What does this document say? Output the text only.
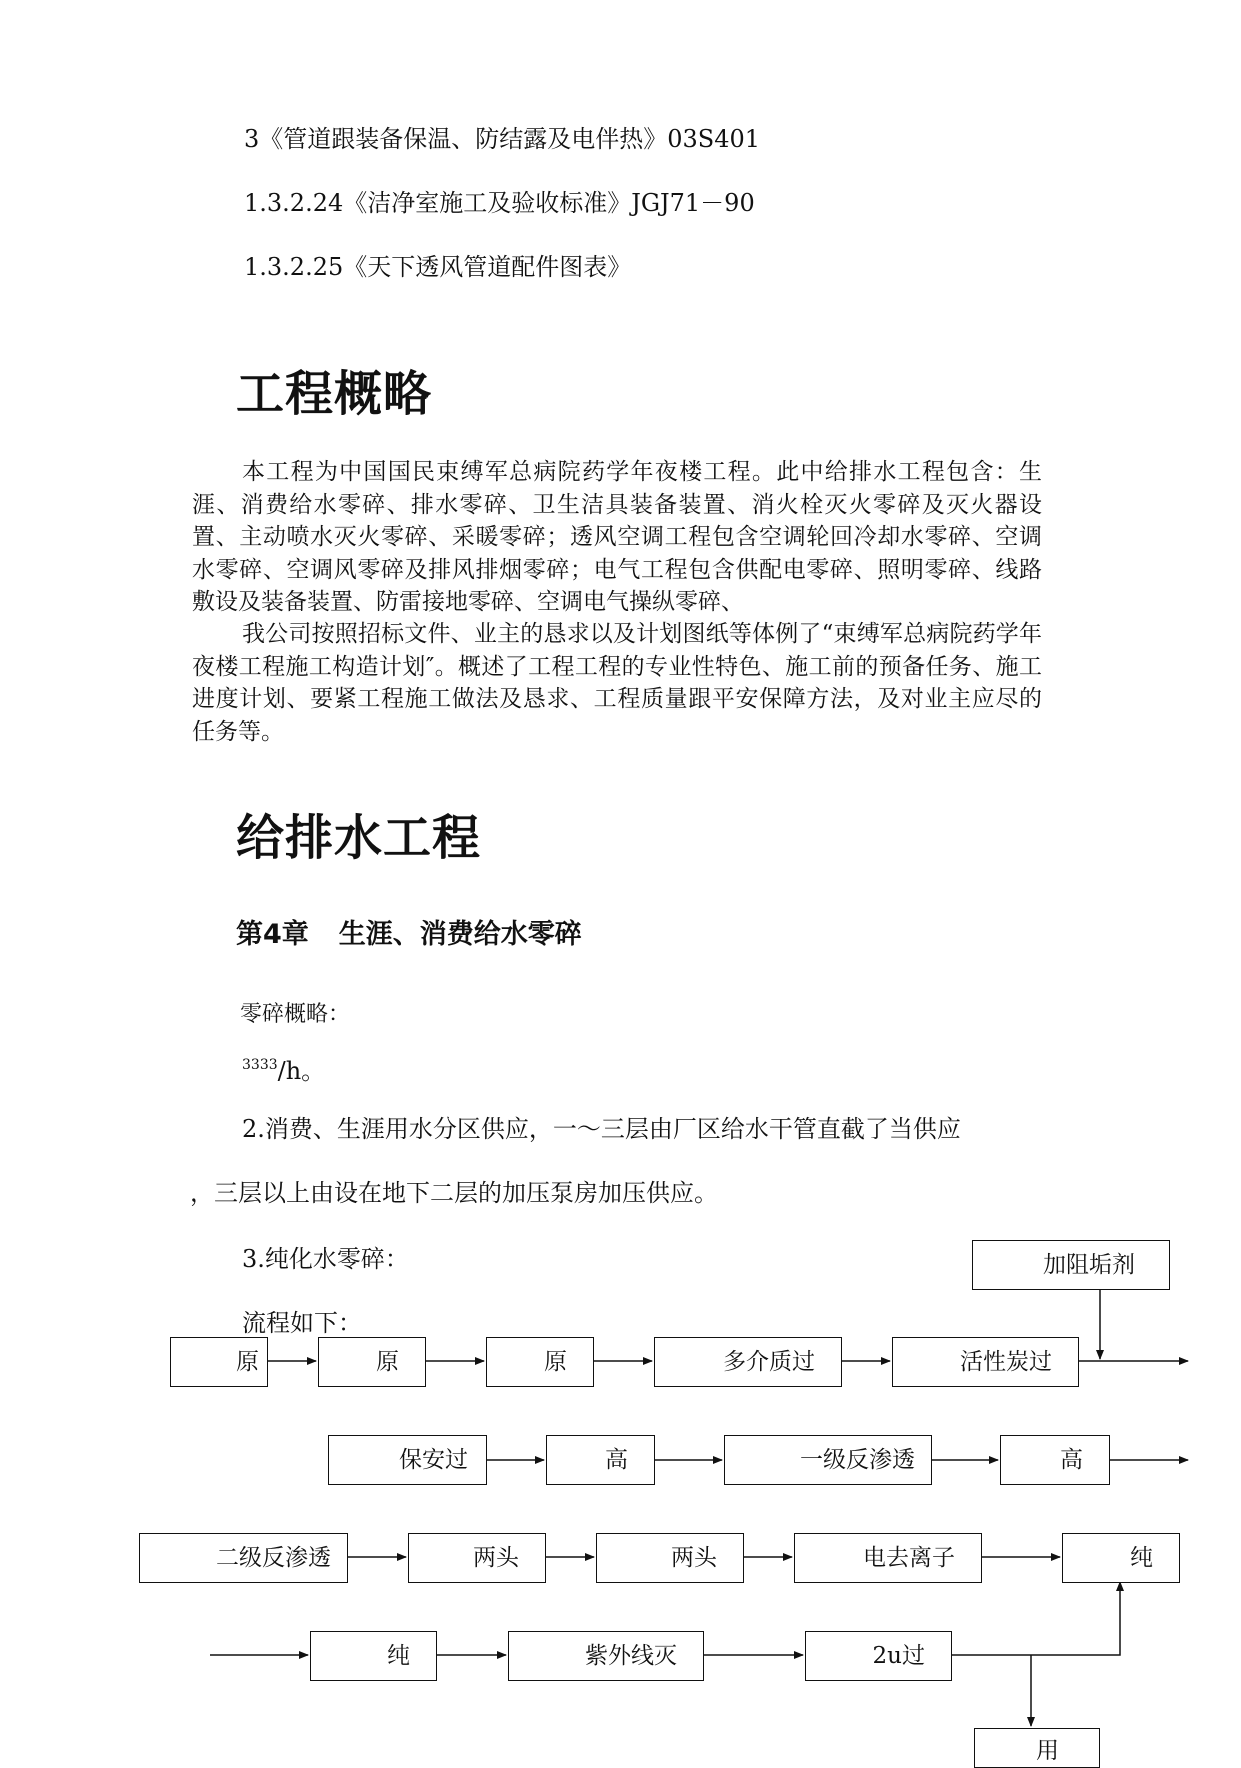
3《管道跟装备保温、防结露及电伴热》03S401
1.3.2.24《洁净室施工及验收标准》JGJ71－90
1.3.2.25《天下透风管道配件图表》
工程概略
本工程为中国国民束缚军总病院药学年夜楼工程。此中给排水工程包含：生涯、消费给水零碎、排水零碎、卫生洁具装备装置、消火栓灭火零碎及灭火器设置、主动喷水灭火零碎、采暖零碎；透风空调工程包含空调轮回冷却水零碎、空调水零碎、空调风零碎及排风排烟零碎；电气工程包含供配电零碎、照明零碎、线路敷设及装备装置、防雷接地零碎、空调电气操纵零碎、
我公司按照招标文件、业主的恳求以及计划图纸等体例了“束缚军总病院药学年夜楼工程施工构造计划″。概述了工程工程的专业性特色、施工前的预备任务、施工进度计划、要紧工程施工做法及恳求、工程质量跟平安保障方法，及对业主应尽的任务等。
给排水工程
第4章 生涯、消费给水零碎
零碎概略：
$^{3333}$/h。
2.消费、生涯用水分区供应，一～三层由厂区给水干管直截了当供应
，三层以上由设在地下二层的加压泵房加压供应。
3.纯化水零碎：
流程如下：
加阻垢剂
原	原	原	多介质过	活性炭过
保安过	高	一级反渗透	高
二级反渗透	两头	两头	电去离子	纯
纯	紫外线灭	2u过
用
